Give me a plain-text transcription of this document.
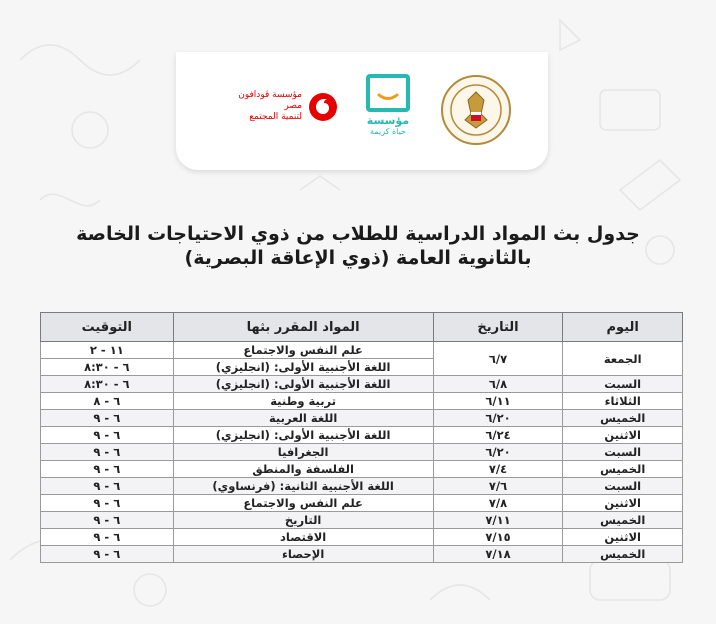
مؤسسة
حياة كريمة
مؤسسة ڤودافون
مصر
لتنمية المجتمع
جدول بث المواد الدراسية للطلاب من ذوي الاحتياجات الخاصة
بالثانوية العامة (ذوي الإعاقة البصرية)
اليوم	التاريخ	المواد المقرر بثها	التوقيت
الجمعة	٦/٧	علم النفس والاجتماع	١١ - ٢
		اللغة الأجنبية الأولى: (انجليزي)	٦ - ٨:٣٠
السبت	٦/٨	اللغة الأجنبية الأولى: (انجليزي)	٦ - ٨:٣٠
الثلاثاء	٦/١١	تربية وطنية	٦ - ٨
الخميس	٦/٢٠	اللغة العربية	٦ - ٩
الاثنين	٦/٢٤	اللغة الأجنبية الأولى: (انجليزي)	٦ - ٩
السبت	٦/٢٠	الجغرافيا	٦ - ٩
الخميس	٧/٤	الفلسفة والمنطق	٦ - ٩
السبت	٧/٦	اللغة الأجنبية الثانية: (فرنساوي)	٦ - ٩
الاثنين	٧/٨	علم النفس والاجتماع	٦ - ٩
الخميس	٧/١١	التاريخ	٦ - ٩
الاثنين	٧/١٥	الاقتصاد	٦ - ٩
الخميس	٧/١٨	الإحصاء	٦ - ٩
